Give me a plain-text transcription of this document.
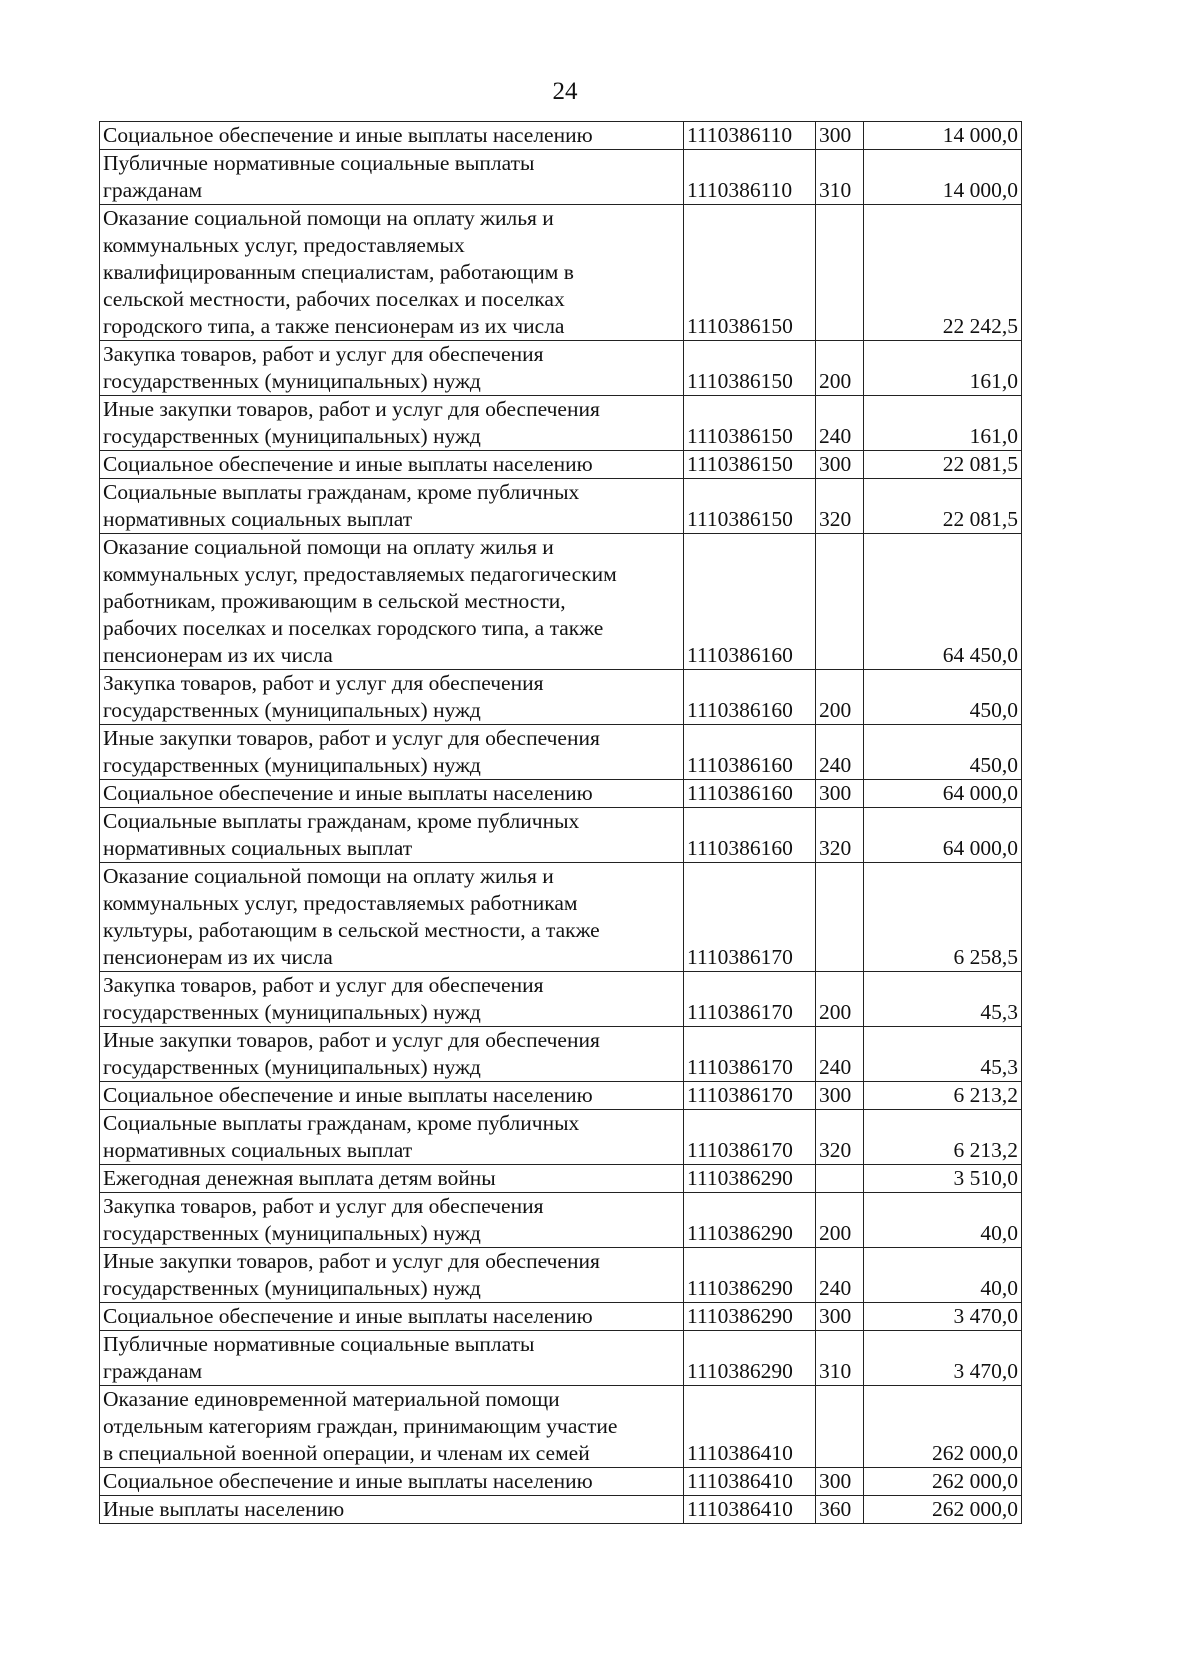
24
Социальное обеспечение и иные выплаты населению	1110386110	300	14 000,0
Публичные нормативные социальные выплаты
гражданам	1110386110	310	14 000,0
Оказание социальной помощи на оплату жилья и
коммунальных услуг, предоставляемых
квалифицированным специалистам, работающим в
сельской местности, рабочих поселках и поселках
городского типа, а также пенсионерам из их числа	1110386150		22 242,5
Закупка товаров, работ и услуг для обеспечения
государственных (муниципальных) нужд	1110386150	200	161,0
Иные закупки товаров, работ и услуг для обеспечения
государственных (муниципальных) нужд	1110386150	240	161,0
Социальное обеспечение и иные выплаты населению	1110386150	300	22 081,5
Социальные выплаты гражданам, кроме публичных
нормативных социальных выплат	1110386150	320	22 081,5
Оказание социальной помощи на оплату жилья и
коммунальных услуг, предоставляемых педагогическим
работникам, проживающим в сельской местности,
рабочих поселках и поселках городского типа, а также
пенсионерам из их числа	1110386160		64 450,0
Закупка товаров, работ и услуг для обеспечения
государственных (муниципальных) нужд	1110386160	200	450,0
Иные закупки товаров, работ и услуг для обеспечения
государственных (муниципальных) нужд	1110386160	240	450,0
Социальное обеспечение и иные выплаты населению	1110386160	300	64 000,0
Социальные выплаты гражданам, кроме публичных
нормативных социальных выплат	1110386160	320	64 000,0
Оказание социальной помощи на оплату жилья и
коммунальных услуг, предоставляемых работникам
культуры, работающим в сельской местности, а также
пенсионерам из их числа	1110386170		6 258,5
Закупка товаров, работ и услуг для обеспечения
государственных (муниципальных) нужд	1110386170	200	45,3
Иные закупки товаров, работ и услуг для обеспечения
государственных (муниципальных) нужд	1110386170	240	45,3
Социальное обеспечение и иные выплаты населению	1110386170	300	6 213,2
Социальные выплаты гражданам, кроме публичных
нормативных социальных выплат	1110386170	320	6 213,2
Ежегодная денежная выплата детям войны	1110386290		3 510,0
Закупка товаров, работ и услуг для обеспечения
государственных (муниципальных) нужд	1110386290	200	40,0
Иные закупки товаров, работ и услуг для обеспечения
государственных (муниципальных) нужд	1110386290	240	40,0
Социальное обеспечение и иные выплаты населению	1110386290	300	3 470,0
Публичные нормативные социальные выплаты
гражданам	1110386290	310	3 470,0
Оказание единовременной материальной помощи
отдельным категориям граждан, принимающим участие
в специальной военной операции, и членам их семей	1110386410		262 000,0
Социальное обеспечение и иные выплаты населению	1110386410	300	262 000,0
Иные выплаты населению	1110386410	360	262 000,0
